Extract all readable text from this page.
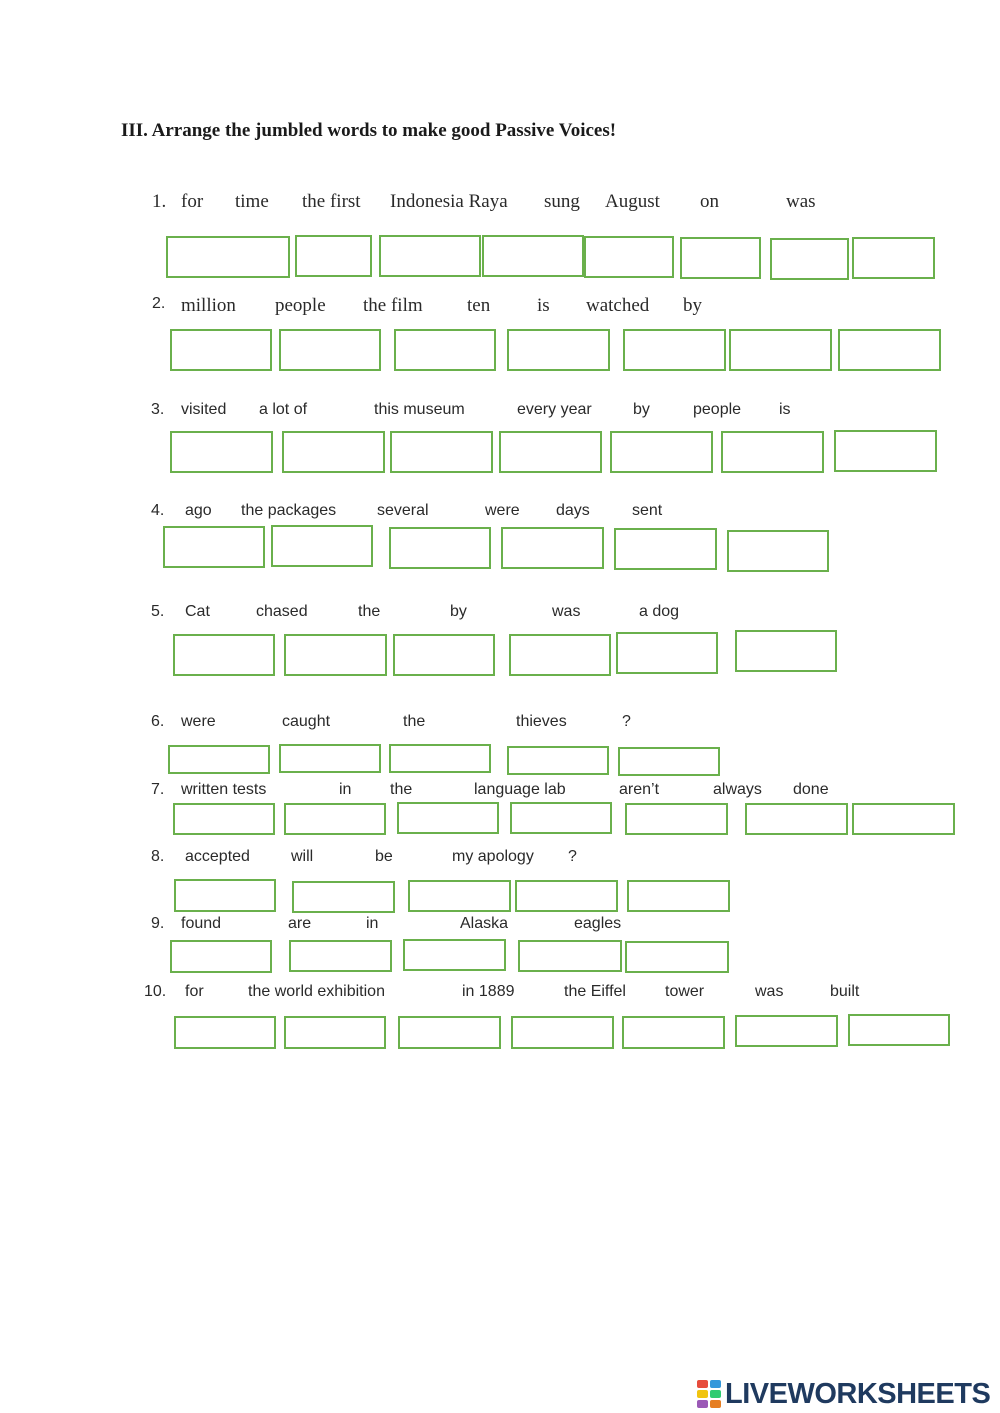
III. Arrange the jumbled words to make good Passive Voices!
1. for time the first Indonesia Raya sung August on	was
2. million people the film ten is watched by
3. visited a lot of	this museum	every year	by	people is
4. ago the packages	several	were days	sent
5. Cat	chased	the	by	was	a dog
6. were	caught	the	thieves	?
7. written tests	in the	language lab	aren’t	always done
8. accepted	will	be	my apology ?
9. found	are	in	Alaska	eagles
10. for	the world exhibition	in 1889	the Eiffel tower	was	built
LIVEWORKSHEETS
